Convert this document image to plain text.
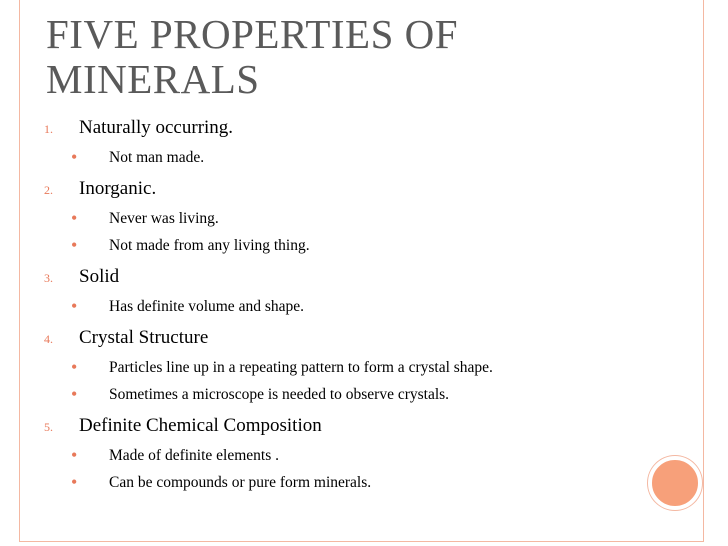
FIVE PROPERTIES OF
MINERALS
1.	Naturally occurring.
• Not man made.
2.	Inorganic.
• Never was living.
• Not made from any living thing.
3.	Solid
• Has definite volume and shape.
4.	Crystal Structure
• Particles line up in a repeating pattern to form a crystal shape.
• Sometimes a microscope is needed to observe crystals.
5.	Definite Chemical Composition
• Made of definite elements .
• Can be compounds or pure form minerals.
